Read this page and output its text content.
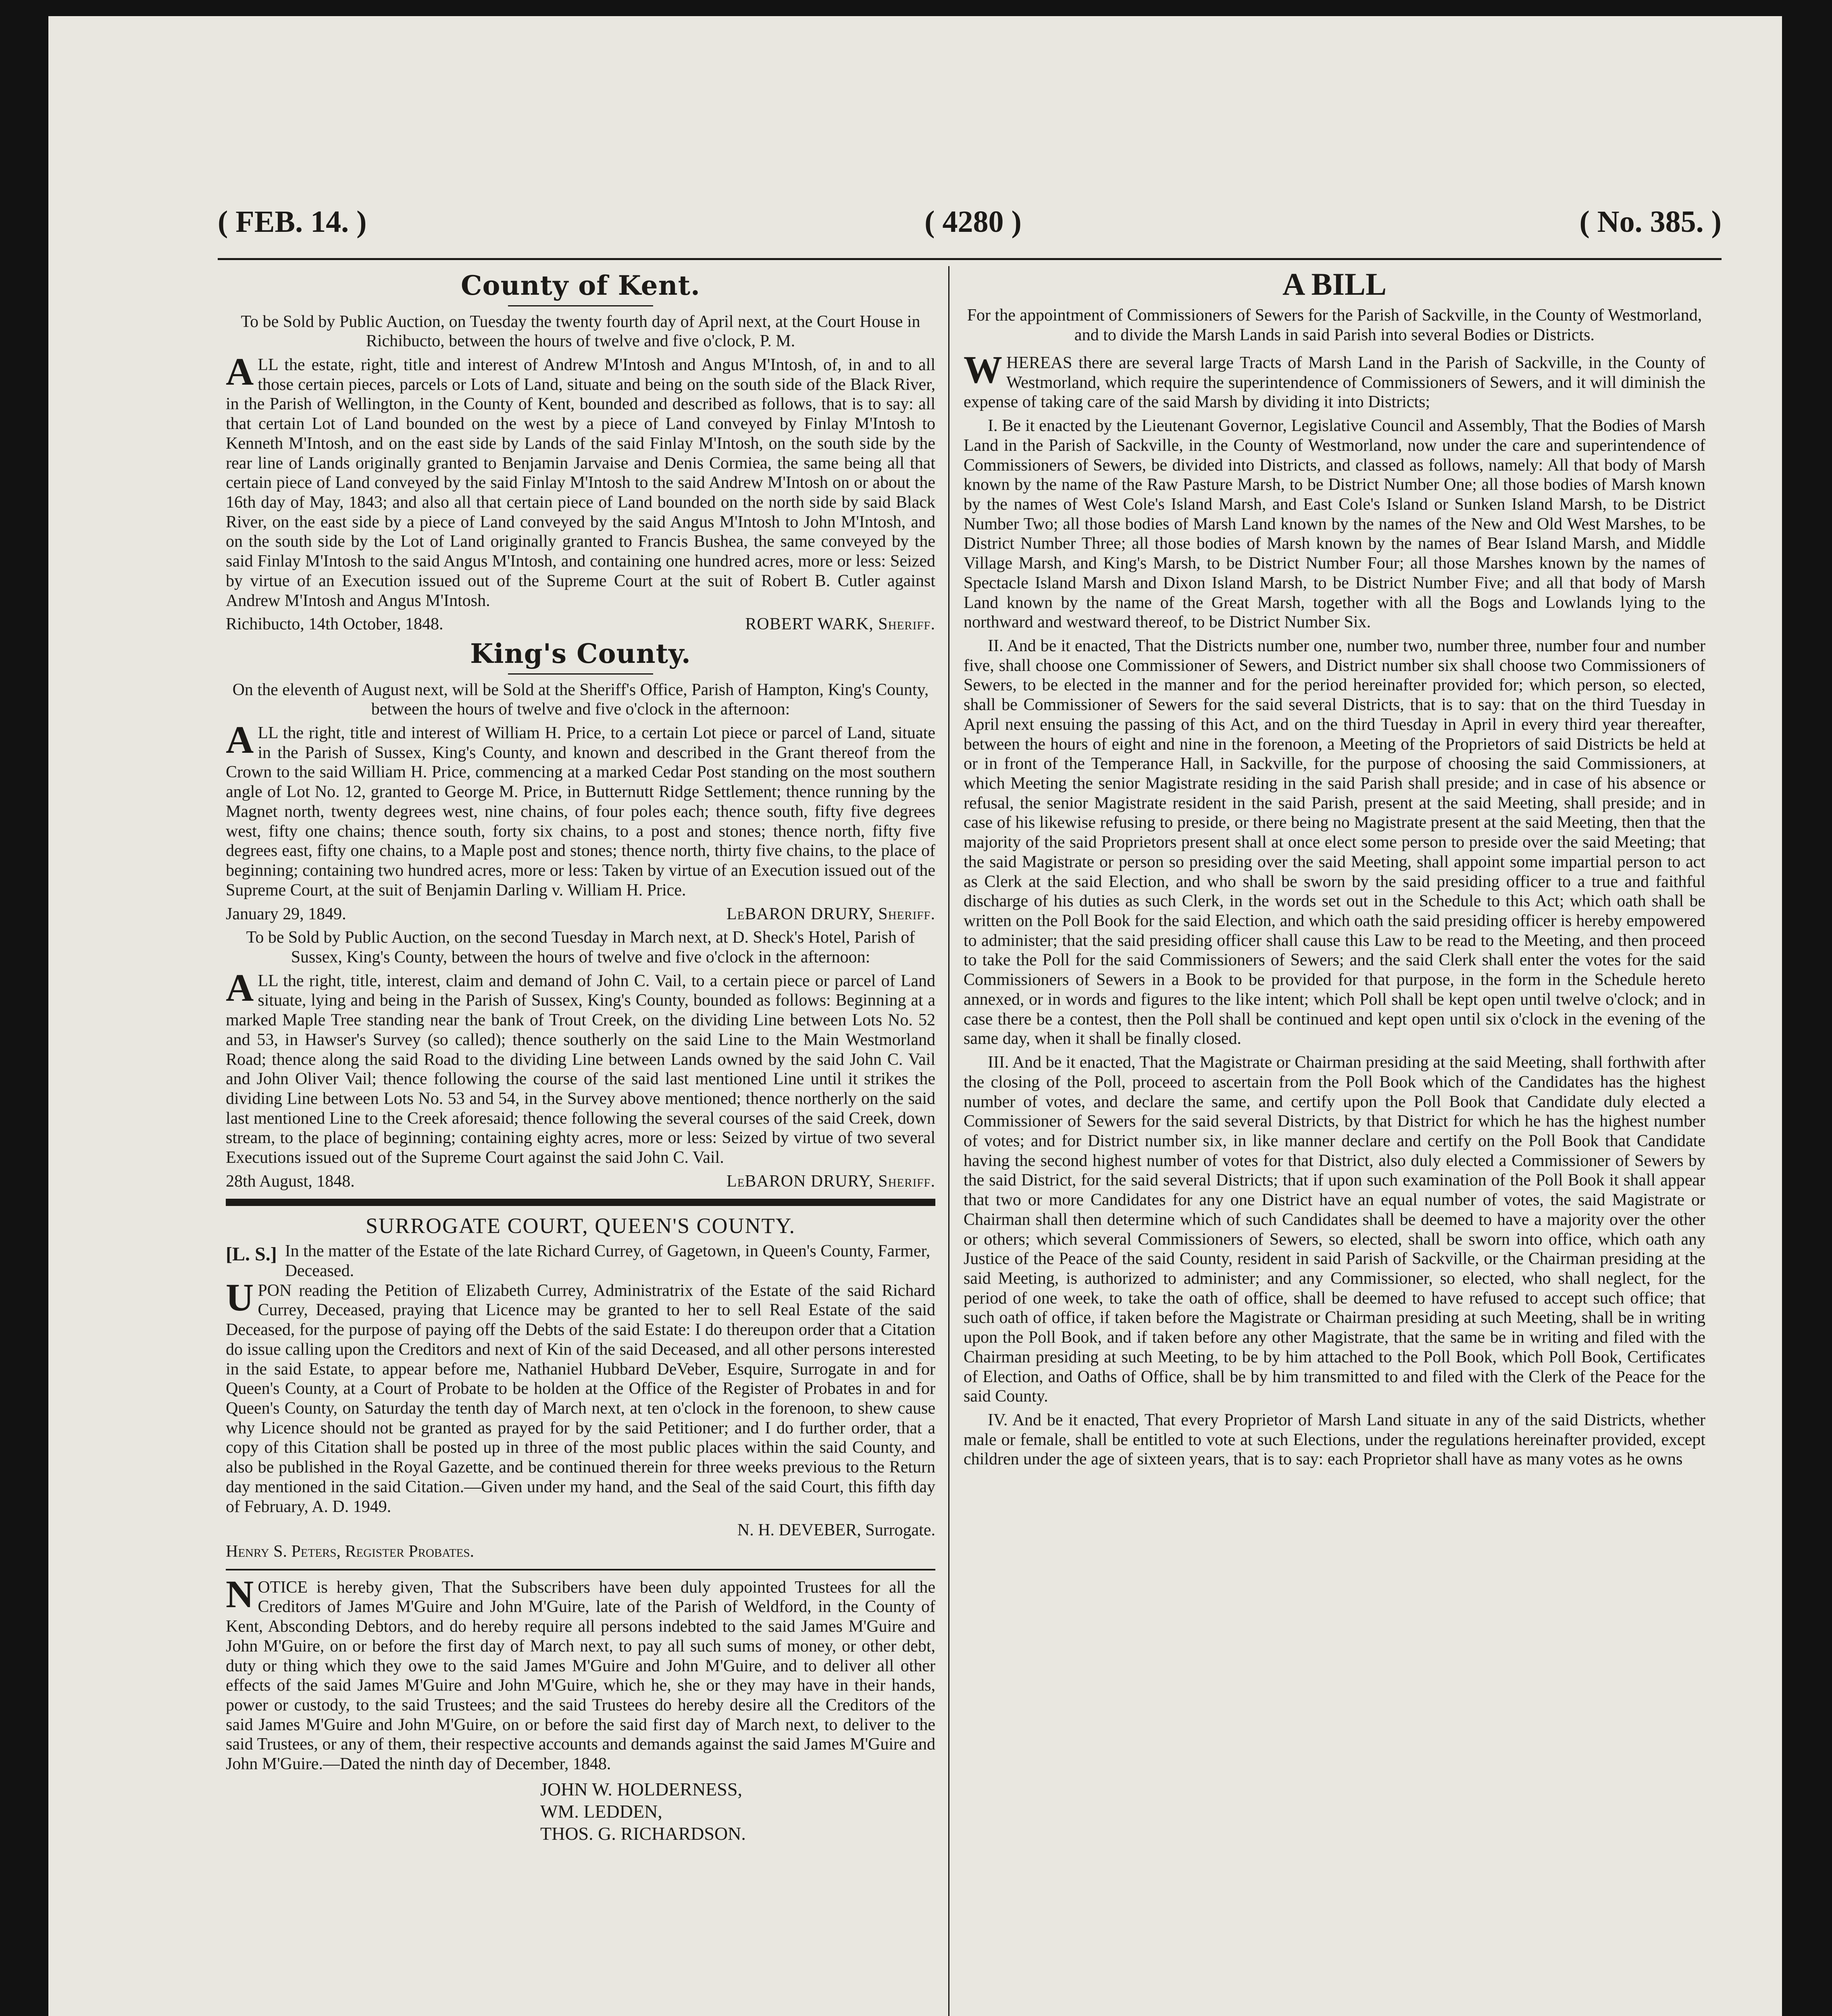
( FEB. 14. )	( 4280 )	( No. 385. )
County of Kent.

To be Sold by Public Auction, on Tuesday the twenty fourth day of April next, at the Court House in Richibucto, between the hours of twelve and five o'clock, P. M.

ALL the estate, right, title and interest of Andrew M'Intosh and Angus M'Intosh, of, in and to all those certain pieces, parcels or Lots of Land, situate and being on the south side of the Black River, in the Parish of Wellington, in the County of Kent, bounded and described as follows, that is to say: all that certain Lot of Land bounded on the west by a piece of Land conveyed by Finlay M'Intosh to Kenneth M'Intosh, and on the east side by Lands of the said Finlay M'Intosh, on the south side by the rear line of Lands originally granted to Benjamin Jarvaise and Denis Cormiea, the same being all that certain piece of Land conveyed by the said Finlay M'Intosh to the said Andrew M'Intosh on or about the 16th day of May, 1843; and also all that certain piece of Land bounded on the north side by said Black River, on the east side by a piece of Land conveyed by the said Angus M'Intosh to John M'Intosh, and on the south side by the Lot of Land originally granted to Francis Bushea, the same conveyed by the said Finlay M'Intosh to the said Angus M'Intosh, and containing one hundred acres, more or less: Seized by virtue of an Execution issued out of the Supreme Court at the suit of Robert B. Cutler against Andrew M'Intosh and Angus M'Intosh.

Richibucto, 14th October, 1848.	ROBERT WARK, Sheriff.
King's County.

On the eleventh of August next, will be Sold at the Sheriff's Office, Parish of Hampton, King's County, between the hours of twelve and five o'clock in the afternoon:

ALL the right, title and interest of William H. Price, to a certain Lot piece or parcel of Land, situate in the Parish of Sussex, King's County, and known and described in the Grant thereof from the Crown to the said William H. Price, commencing at a marked Cedar Post standing on the most southern angle of Lot No. 12, granted to George M. Price, in Butternutt Ridge Settlement; thence running by the Magnet north, twenty degrees west, nine chains, of four poles each; thence south, fifty five degrees west, fifty one chains; thence south, forty six chains, to a post and stones; thence north, fifty five degrees east, fifty one chains, to a Maple post and stones; thence north, thirty five chains, to the place of beginning; containing two hundred acres, more or less: Taken by virtue of an Execution issued out of the Supreme Court, at the suit of Benjamin Darling v. William H. Price.

January 29, 1849.	LeBARON DRURY, Sheriff.

To be Sold by Public Auction, on the second Tuesday in March next, at D. Sheck's Hotel, Parish of Sussex, King's County, between the hours of twelve and five o'clock in the afternoon:

ALL the right, title, interest, claim and demand of John C. Vail, to a certain piece or parcel of Land situate, lying and being in the Parish of Sussex, King's County, bounded as follows: Beginning at a marked Maple Tree standing near the bank of Trout Creek, on the dividing Line between Lots No. 52 and 53, in Hawser's Survey (so called); thence southerly on the said Line to the Main Westmorland Road; thence along the said Road to the dividing Line between Lands owned by the said John C. Vail and John Oliver Vail; thence following the course of the said last mentioned Line until it strikes the dividing Line between Lots No. 53 and 54, in the Survey above mentioned; thence northerly on the said last mentioned Line to the Creek aforesaid; thence following the several courses of the said Creek, down stream, to the place of beginning; containing eighty acres, more or less: Seized by virtue of two several Executions issued out of the Supreme Court against the said John C. Vail.

28th August, 1848.	LeBARON DRURY, Sheriff.
SURROGATE COURT, QUEEN'S COUNTY.
[L. S.] In the matter of the Estate of the late Richard Currey, of Gagetown, in Queen's County, Farmer, Deceased.

UPON reading the Petition of Elizabeth Currey, Administratrix of the Estate of the said Richard Currey, Deceased, praying that Licence may be granted to her to sell Real Estate of the said Deceased, for the purpose of paying off the Debts of the said Estate: I do thereupon order that a Citation do issue calling upon the Creditors and next of Kin of the said Deceased, and all other persons interested in the said Estate, to appear before me, Nathaniel Hubbard DeVeber, Esquire, Surrogate in and for Queen's County, at a Court of Probate to be holden at the Office of the Register of Probates in and for Queen's County, on Saturday the tenth day of March next, at ten o'clock in the forenoon, to shew cause why Licence should not be granted as prayed for by the said Petitioner; and I do further order, that a copy of this Citation shall be posted up in three of the most public places within the said County, and also be published in the Royal Gazette, and be continued therein for three weeks previous to the Return day mentioned in the said Citation.—Given under my hand, and the Seal of the said Court, this fifth day of February, A. D. 1949.

N. H. DEVEBER, Surrogate.
Henry S. Peters, Register Probates.

NOTICE is hereby given, That the Subscribers have been duly appointed Trustees for all the Creditors of James M'Guire and John M'Guire, late of the Parish of Weldford, in the County of Kent, Absconding Debtors, and do hereby require all persons indebted to the said James M'Guire and John M'Guire, on or before the first day of March next, to pay all such sums of money, or other debt, duty or thing which they owe to the said James M'Guire and John M'Guire, and to deliver all other effects of the said James M'Guire and John M'Guire, which he, she or they may have in their hands, power or custody, to the said Trustees; and the said Trustees do hereby desire all the Creditors of the said James M'Guire and John M'Guire, on or before the said first day of March next, to deliver to the said Trustees, or any of them, their respective accounts and demands against the said James M'Guire and John M'Guire.—Dated the ninth day of December, 1848.

JOHN W. HOLDERNESS,
WM. LEDDEN,
THOS. G. RICHARDSON.
A BILL

For the appointment of Commissioners of Sewers for the Parish of Sackville, in the County of Westmorland, and to divide the Marsh Lands in said Parish into several Bodies or Districts.

WHEREAS there are several large Tracts of Marsh Land in the Parish of Sackville, in the County of Westmorland, which require the superintendence of Commissioners of Sewers, and it will diminish the expense of taking care of the said Marsh by dividing it into Districts;

I. Be it enacted by the Lieutenant Governor, Legislative Council and Assembly, That the Bodies of Marsh Land in the Parish of Sackville, in the County of Westmorland, now under the care and superintendence of Commissioners of Sewers, be divided into Districts, and classed as follows, namely: All that body of Marsh known by the name of the Raw Pasture Marsh, to be District Number One; all those bodies of Marsh known by the names of West Cole's Island Marsh, and East Cole's Island or Sunken Island Marsh, to be District Number Two; all those bodies of Marsh Land known by the names of the New and Old West Marshes, to be District Number Three; all those bodies of Marsh known by the names of Bear Island Marsh, and Middle Village Marsh, and King's Marsh, to be District Number Four; all those Marshes known by the names of Spectacle Island Marsh and Dixon Island Marsh, to be District Number Five; and all that body of Marsh Land known by the name of the Great Marsh, together with all the Bogs and Lowlands lying to the northward and westward thereof, to be District Number Six.

II. And be it enacted, That the Districts number one, number two, number three, number four and number five, shall choose one Commissioner of Sewers, and District number six shall choose two Commissioners of Sewers, to be elected in the manner and for the period hereinafter provided for; which person, so elected, shall be Commissioner of Sewers for the said several Districts, that is to say: that on the third Tuesday in April next ensuing the passing of this Act, and on the third Tuesday in April in every third year thereafter, between the hours of eight and nine in the forenoon, a Meeting of the Proprietors of said Districts be held at or in front of the Temperance Hall, in Sackville, for the purpose of choosing the said Commissioners, at which Meeting the senior Magistrate residing in the said Parish shall preside; and in case of his absence or refusal, the senior Magistrate resident in the said Parish, present at the said Meeting, shall preside; and in case of his likewise refusing to preside, or there being no Magistrate present at the said Meeting, then that the majority of the said Proprietors present shall at once elect some person to preside over the said Meeting; that the said Magistrate or person so presiding over the said Meeting, shall appoint some impartial person to act as Clerk at the said Election, and who shall be sworn by the said presiding officer to a true and faithful discharge of his duties as such Clerk, in the words set out in the Schedule to this Act; which oath shall be written on the Poll Book for the said Election, and which oath the said presiding officer is hereby empowered to administer; that the said presiding officer shall cause this Law to be read to the Meeting, and then proceed to take the Poll for the said Commissioners of Sewers; and the said Clerk shall enter the votes for the said Commissioners of Sewers in a Book to be provided for that purpose, in the form in the Schedule hereto annexed, or in words and figures to the like intent; which Poll shall be kept open until twelve o'clock; and in case there be a contest, then the Poll shall be continued and kept open until six o'clock in the evening of the same day, when it shall be finally closed.

III. And be it enacted, That the Magistrate or Chairman presiding at the said Meeting, shall forthwith after the closing of the Poll, proceed to ascertain from the Poll Book which of the Candidates has the highest number of votes, and declare the same, and certify upon the Poll Book that Candidate duly elected a Commissioner of Sewers for the said several Districts, by that District for which he has the highest number of votes; and for District number six, in like manner declare and certify on the Poll Book that Candidate having the second highest number of votes for that District, also duly elected a Commissioner of Sewers by the said District, for the said several Districts; that if upon such examination of the Poll Book it shall appear that two or more Candidates for any one District have an equal number of votes, the said Magistrate or Chairman shall then determine which of such Candidates shall be deemed to have a majority over the other or others; which several Commissioners of Sewers, so elected, shall be sworn into office, which oath any Justice of the Peace of the said County, resident in said Parish of Sackville, or the Chairman presiding at the said Meeting, is authorized to administer; and any Commissioner, so elected, who shall neglect, for the period of one week, to take the oath of office, shall be deemed to have refused to accept such office; that such oath of office, if taken before the Magistrate or Chairman presiding at such Meeting, shall be in writing upon the Poll Book, and if taken before any other Magistrate, that the same be in writing and filed with the Chairman presiding at such Meeting, to be by him attached to the Poll Book, which Poll Book, Certificates of Election, and Oaths of Office, shall be by him transmitted to and filed with the Clerk of the Peace for the said County.

IV. And be it enacted, That every Proprietor of Marsh Land situate in any of the said Districts, whether male or female, shall be entitled to vote at such Elections, under the regulations hereinafter provided, except children under the age of sixteen years, that is to say: each Proprietor shall have as many votes as he owns
